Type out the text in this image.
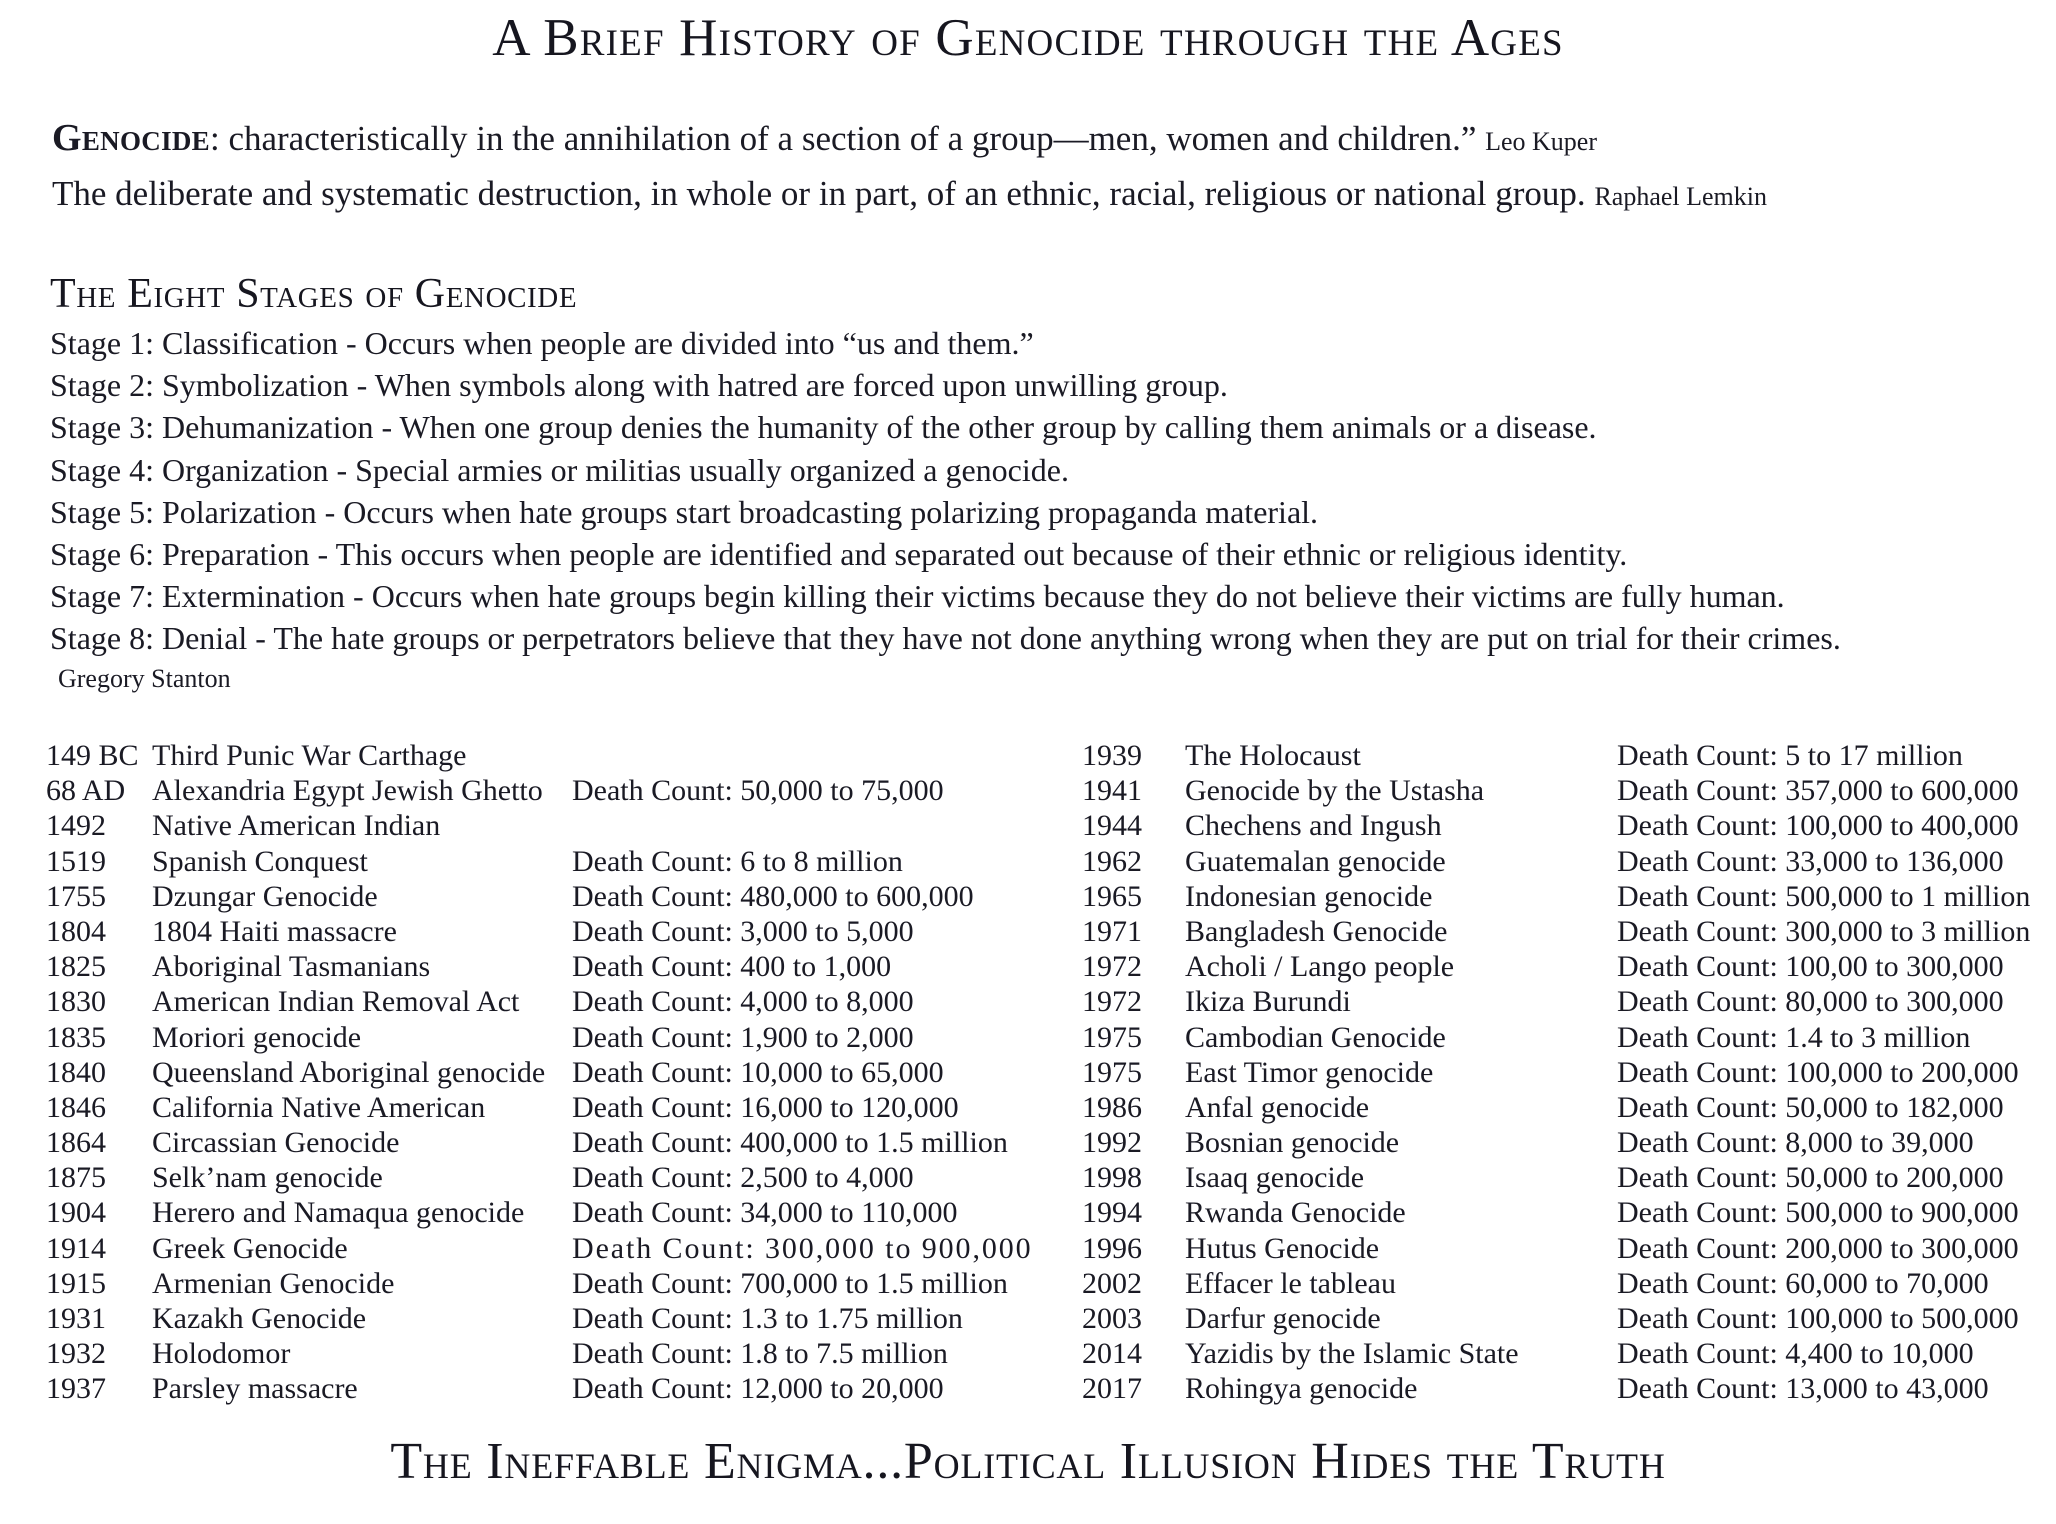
A Brief History of Genocide through the Ages
Genocide: characteristically in the annihilation of a section of a group—men, women and children.” Leo Kuper
The deliberate and systematic destruction, in whole or in part, of an ethnic, racial, religious or national group. Raphael Lemkin
The Eight Stages of Genocide
Stage 1: Classification - Occurs when people are divided into “us and them.”
Stage 2: Symbolization - When symbols along with hatred are forced upon unwilling group.
Stage 3: Dehumanization - When one group denies the humanity of the other group by calling them animals or a disease.
Stage 4: Organization - Special armies or militias usually organized a genocide.
Stage 5: Polarization - Occurs when hate groups start broadcasting polarizing propaganda material.
Stage 6: Preparation - This occurs when people are identified and separated out because of their ethnic or religious identity.
Stage 7: Extermination - Occurs when hate groups begin killing their victims because they do not believe their victims are fully human.
Stage 8: Denial - The hate groups or perpetrators believe that they have not done anything wrong when they are put on trial for their crimes.
Gregory Stanton
149 BC Third Punic War Carthage
68 AD Alexandria Egypt Jewish Ghetto Death Count: 50,000 to 75,000
1492 Native American Indian
1519 Spanish Conquest	Death Count: 6 to 8 million
1755 Dzungar Genocide	Death Count: 480,000 to 600,000
1804 1804 Haiti massacre	Death Count: 3,000 to 5,000
1825 Aboriginal Tasmanians	Death Count: 400 to 1,000
1830 American Indian Removal Act Death Count: 4,000 to 8,000
1835 Moriori genocide	Death Count: 1,900 to 2,000
1840 Queensland Aboriginal genocide Death Count: 10,000 to 65,000
1846 California Native American	Death Count: 16,000 to 120,000
1864 Circassian Genocide	Death Count: 400,000 to 1.5 million
1875 Selk’nam genocide	Death Count: 2,500 to 4,000
1904 Herero and Namaqua genocide Death Count: 34,000 to 110,000
1914 Greek Genocide	Death Count: 300,000 to 900,000
1915 Armenian Genocide	Death Count: 700,000 to 1.5 million
1931 Kazakh Genocide	Death Count: 1.3 to 1.75 million
1932 Holodomor	Death Count: 1.8 to 7.5 million
1937 Parsley massacre	Death Count: 12,000 to 20,000
1939 The Holocaust	Death Count: 5 to 17 million
1941 Genocide by the Ustasha	Death Count: 357,000 to 600,000
1944 Chechens and Ingush	Death Count: 100,000 to 400,000
1962 Guatemalan genocide	Death Count: 33,000 to 136,000
1965 Indonesian genocide	Death Count: 500,000 to 1 million
1971 Bangladesh Genocide	Death Count: 300,000 to 3 million
1972 Acholi / Lango people	Death Count: 100,00 to 300,000
1972 Ikiza Burundi	Death Count: 80,000 to 300,000
1975 Cambodian Genocide	Death Count: 1.4 to 3 million
1975 East Timor genocide	Death Count: 100,000 to 200,000
1986 Anfal genocide	Death Count: 50,000 to 182,000
1992 Bosnian genocide	Death Count: 8,000 to 39,000
1998 Isaaq genocide	Death Count: 50,000 to 200,000
1994 Rwanda Genocide	Death Count: 500,000 to 900,000
1996 Hutus Genocide	Death Count: 200,000 to 300,000
2002 Effacer le tableau	Death Count: 60,000 to 70,000
2003 Darfur genocide	Death Count: 100,000 to 500,000
2014 Yazidis by the Islamic State	Death Count: 4,400 to 10,000
2017 Rohingya genocide	Death Count: 13,000 to 43,000
The Ineffable Enigma...Political Illusion Hides the Truth
